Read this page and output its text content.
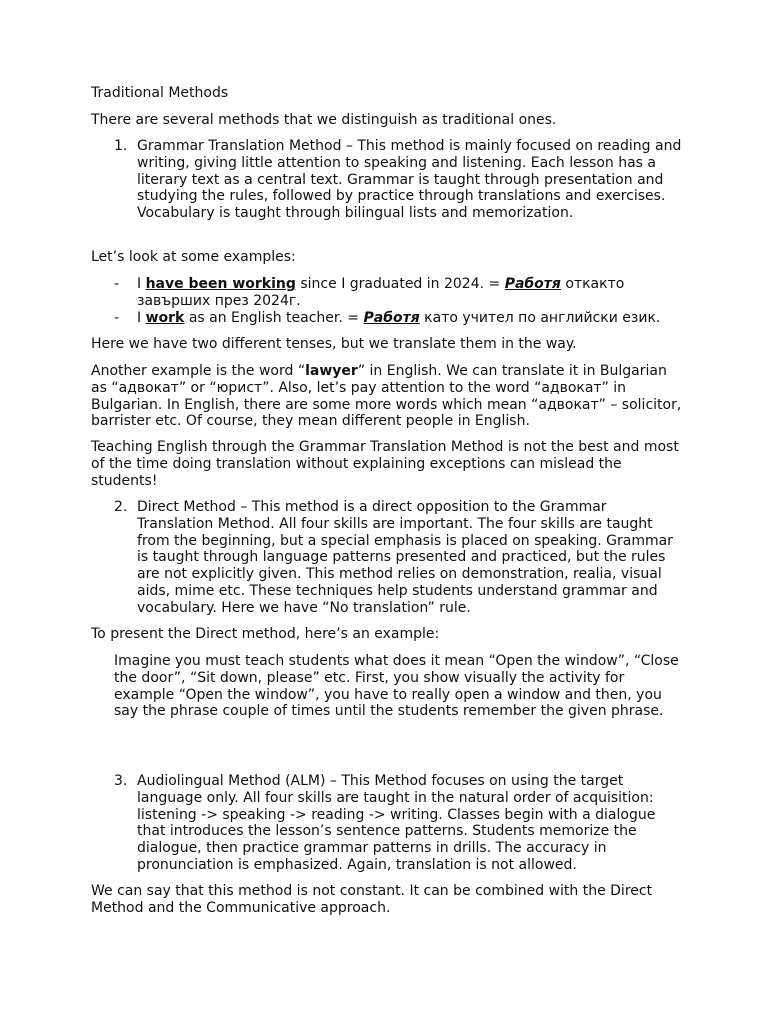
Traditional Methods

There are several methods that we distinguish as traditional ones.

1. Grammar Translation Method – This method is mainly focused on reading and writing, giving little attention to speaking and listening. Each lesson has a literary text as a central text. Grammar is taught through presentation and studying the rules, followed by practice through translations and exercises. Vocabulary is taught through bilingual lists and memorization.

Let’s look at some examples:

- I have been working since I graduated in 2024. = Работя откакто завърших през 2024г.
- I work as an English teacher. = Работя като учител по английски език.

Here we have two different tenses, but we translate them in the way.

Another example is the word “lawyer” in English. We can translate it in Bulgarian as “адвокат” or “юрист”. Also, let’s pay attention to the word “адвокат” in Bulgarian. In English, there are some more words which mean “адвокат” – solicitor, barrister etc. Of course, they mean different people in English.

Teaching English through the Grammar Translation Method is not the best and most of the time doing translation without explaining exceptions can mislead the students!

2. Direct Method – This method is a direct opposition to the Grammar Translation Method. All four skills are important. The four skills are taught from the beginning, but a special emphasis is placed on speaking. Grammar is taught through language patterns presented and practiced, but the rules are not explicitly given. This method relies on demonstration, realia, visual aids, mime etc. These techniques help students understand grammar and vocabulary. Here we have “No translation” rule.

To present the Direct method, here’s an example:

Imagine you must teach students what does it mean “Open the window”, “Close the door”, “Sit down, please” etc. First, you show visually the activity for example “Open the window”, you have to really open a window and then, you say the phrase couple of times until the students remember the given phrase.

3. Audiolingual Method (ALM) – This Method focuses on using the target language only. All four skills are taught in the natural order of acquisition: listening -> speaking -> reading -> writing. Classes begin with a dialogue that introduces the lesson’s sentence patterns. Students memorize the dialogue, then practice grammar patterns in drills. The accuracy in pronunciation is emphasized. Again, translation is not allowed.

We can say that this method is not constant. It can be combined with the Direct Method and the Communicative approach.
